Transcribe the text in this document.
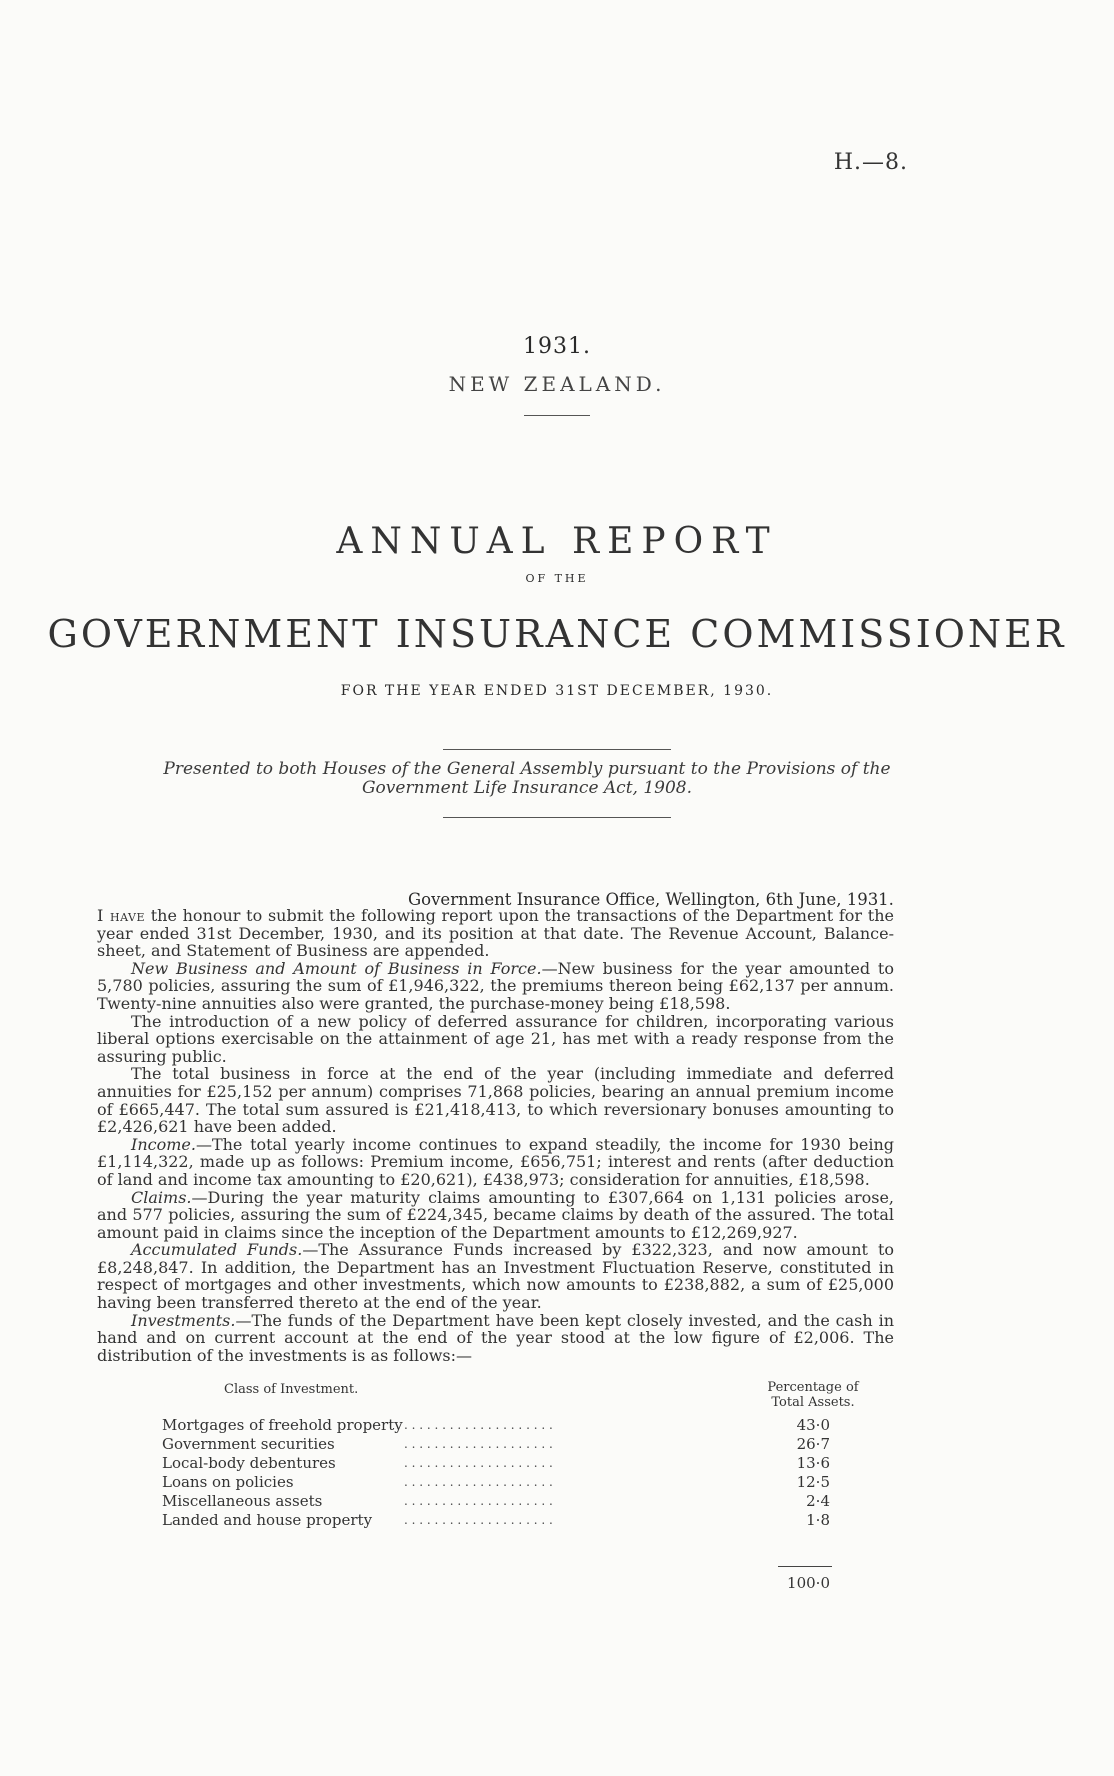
H.—8.
1931.
NEW ZEALAND.
ANNUAL REPORT
OF THE
GOVERNMENT INSURANCE COMMISSIONER
FOR THE YEAR ENDED 31ST DECEMBER, 1930.
Presented to both Houses of the General Assembly pursuant to the Provisions of the Government Life Insurance Act, 1908.
Government Insurance Office, Wellington, 6th June, 1931.

I have the honour to submit the following report upon the transactions of the Department for the year ended 31st December, 1930, and its position at that date. The Revenue Account, Balance-sheet, and Statement of Business are appended.

New Business and Amount of Business in Force.—New business for the year amounted to 5,780 policies, assuring the sum of £1,946,322, the premiums thereon being £62,137 per annum. Twenty-nine annuities also were granted, the purchase-money being £18,598.

The introduction of a new policy of deferred assurance for children, incorporating various liberal options exercisable on the attainment of age 21, has met with a ready response from the assuring public.

The total business in force at the end of the year (including immediate and deferred annuities for £25,152 per annum) comprises 71,868 policies, bearing an annual premium income of £665,447. The total sum assured is £21,418,413, to which reversionary bonuses amounting to £2,426,621 have been added.

Income.—The total yearly income continues to expand steadily, the income for 1930 being £1,114,322, made up as follows: Premium income, £656,751; interest and rents (after deduction of land and income tax amounting to £20,621), £438,973; consideration for annuities, £18,598.

Claims.—During the year maturity claims amounting to £307,664 on 1,131 policies arose, and 577 policies, assuring the sum of £224,345, became claims by death of the assured. The total amount paid in claims since the inception of the Department amounts to £12,269,927.

Accumulated Funds.—The Assurance Funds increased by £322,323, and now amount to £8,248,847. In addition, the Department has an Investment Fluctuation Reserve, constituted in respect of mortgages and other investments, which now amounts to £238,882, a sum of £25,000 having been transferred thereto at the end of the year.

Investments.—The funds of the Department have been kept closely invested, and the cash in hand and on current account at the end of the year stood at the low figure of £2,006. The distribution of the investments is as follows:—

Class of Investment.	Percentage of Total Assets.
Mortgages of freehold property . . . . . . . . . . . . . . . . . . . .	43·0
Government securities	. . . . . . . . . . . . . . . . . . . .	26·7
Local-body debentures	. . . . . . . . . . . . . . . . . . . .	13·6
Loans on policies	. . . . . . . . . . . . . . . . . . . .	12·5
Miscellaneous assets	. . . . . . . . . . . . . . . . . . . .	2·4
Landed and house property	. . . . . . . . . . . . . . . . . . . .	1·8
100·0
